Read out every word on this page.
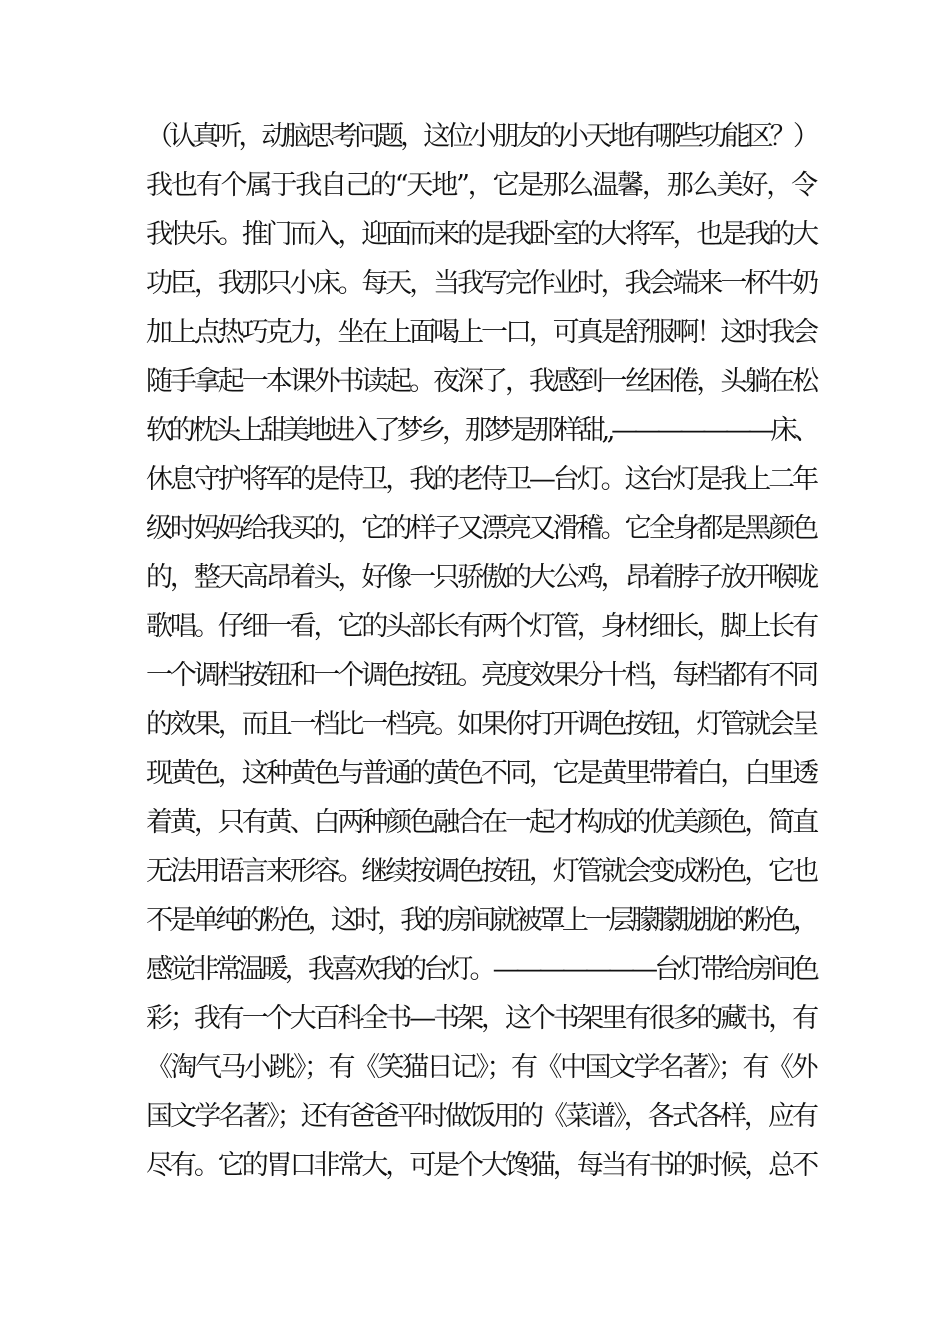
（认真听，动脑思考问题，这位小朋友的小天地有哪些功能区？）
我也有个属于我自己的“天地”，它是那么温馨，那么美好，令
我快乐。推门而入，迎面而来的是我卧室的大将军，也是我的大
功臣，我那只小床。每天，当我写完作业时，我会端来一杯牛奶
加上点热巧克力，坐在上面喝上一口，可真是舒服啊！这时我会
随手拿起一本课外书读起。夜深了，我感到一丝困倦，头躺在松
软的枕头上甜美地进入了梦乡，那梦是那样甜„———————床、
休息守护将军的是侍卫，我的老侍卫—台灯。这台灯是我上二年
级时妈妈给我买的，它的样子又漂亮又滑稽。它全身都是黑颜色
的，整天高昂着头，好像一只骄傲的大公鸡，昂着脖子放开喉咙
歌唱。仔细一看，它的头部长有两个灯管，身材细长，脚上长有
一个调档按钮和一个调色按钮。亮度效果分十档，每档都有不同
的效果，而且一档比一档亮。如果你打开调色按钮，灯管就会呈
现黄色，这种黄色与普通的黄色不同，它是黄里带着白，白里透
着黄，只有黄、白两种颜色融合在一起才构成的优美颜色，简直
无法用语言来形容。继续按调色按钮，灯管就会变成粉色，它也
不是单纯的粉色，这时，我的房间就被罩上一层朦朦胧胧的粉色，
感觉非常温暖，我喜欢我的台灯。———————台灯带给房间色
彩；我有一个大百科全书—书架，这个书架里有很多的藏书，有
《淘气马小跳》；有《笑猫日记》；有《中国文学名著》；有《外
国文学名著》；还有爸爸平时做饭用的《菜谱》，各式各样，应有
尽有。它的胃口非常大，可是个大馋猫，每当有书的时候，总不
